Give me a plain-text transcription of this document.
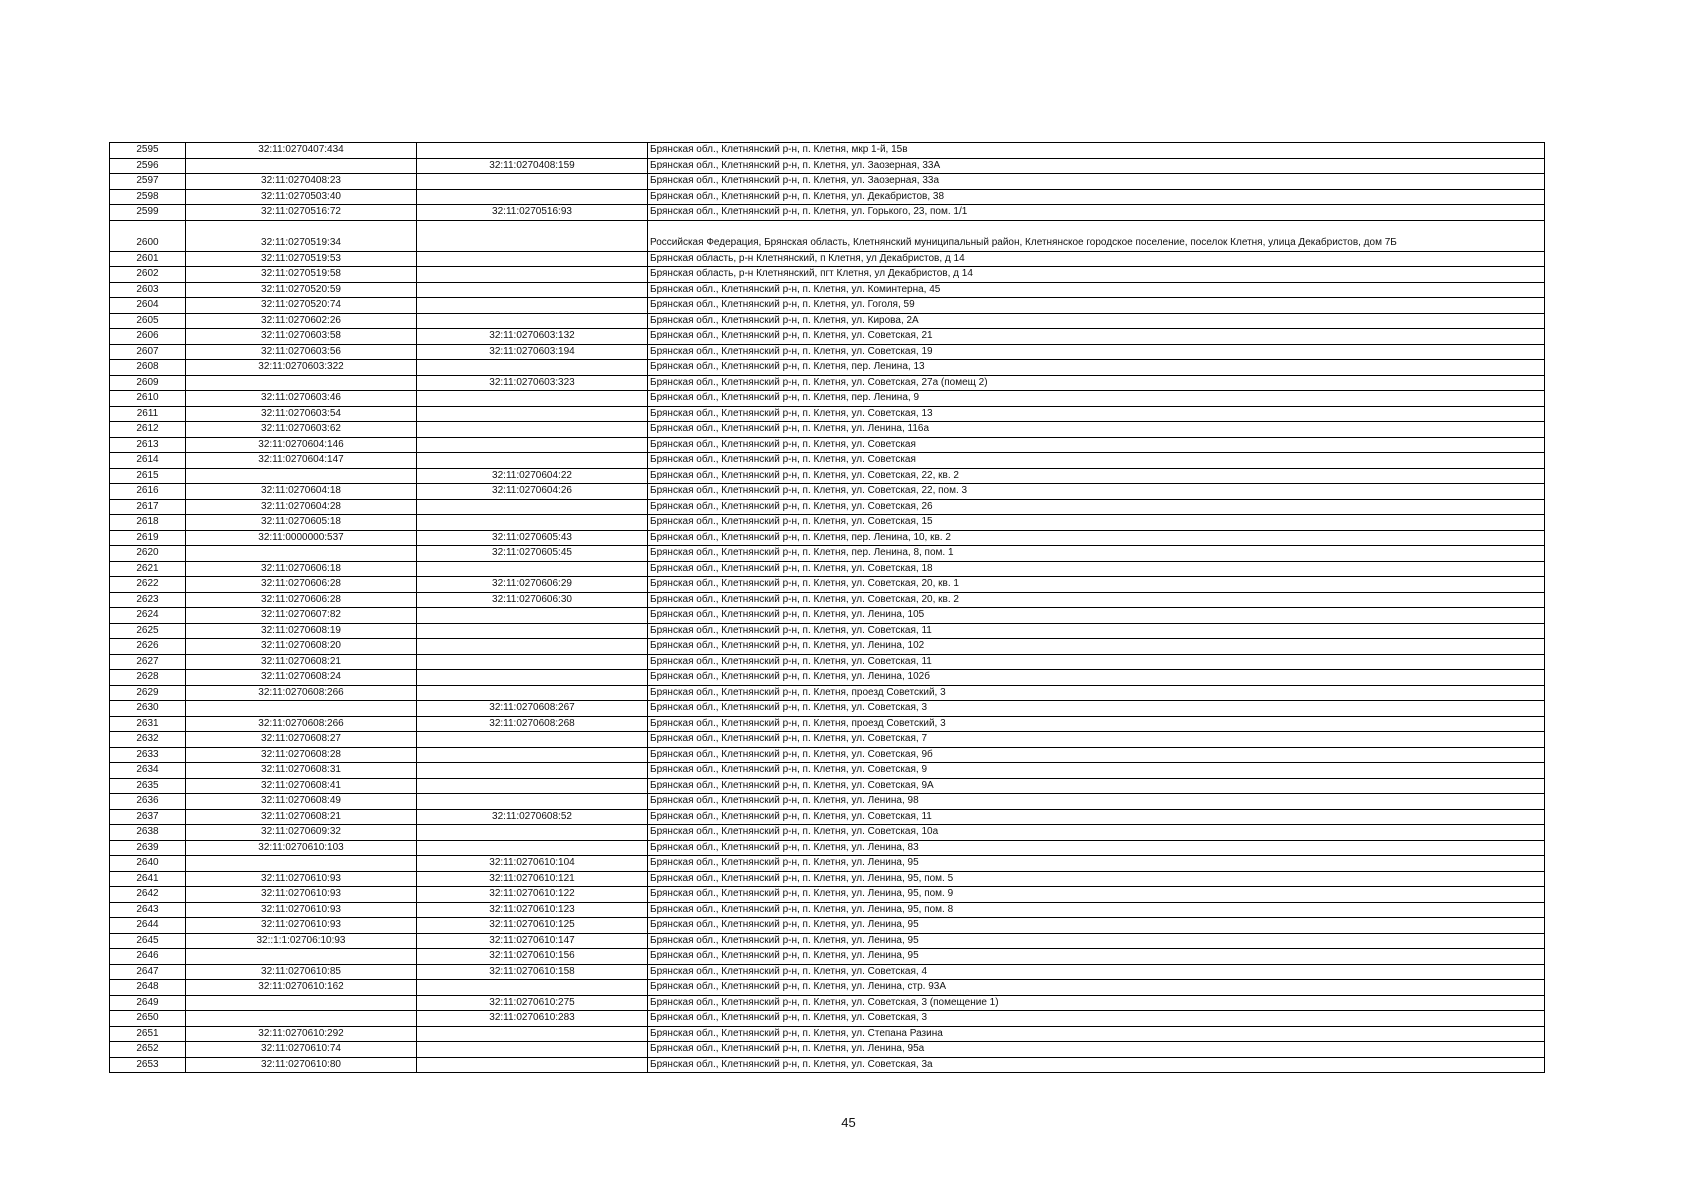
2595	32:11:0270407:434		Брянская обл., Клетнянский р-н, п. Клетня, мкр 1-й, 15в
2596		32:11:0270408:159	Брянская обл., Клетнянский р-н, п. Клетня, ул. Заозерная, 33А
2597	32:11:0270408:23		Брянская обл., Клетнянский р-н, п. Клетня, ул. Заозерная, 33а
2598	32:11:0270503:40		Брянская обл., Клетнянский р-н, п. Клетня, ул. Декабристов, 38
2599	32:11:0270516:72	32:11:0270516:93	Брянская обл., Клетнянский р-н, п. Клетня, ул. Горького, 23, пом. 1/1
2600	32:11:0270519:34		Российская Федерация, Брянская область, Клетнянский муниципальный район, Клетнянское городское поселение, поселок Клетня, улица Декабристов, дом 7Б
2601	32:11:0270519:53		Брянская область, р-н Клетнянский, п Клетня, ул Декабристов, д 14
2602	32:11:0270519:58		Брянская область, р-н Клетнянский, пгт Клетня, ул Декабристов, д 14
2603	32:11:0270520:59		Брянская обл., Клетнянский р-н, п. Клетня, ул. Коминтерна, 45
2604	32:11:0270520:74		Брянская обл., Клетнянский р-н, п. Клетня, ул. Гоголя, 59
2605	32:11:0270602:26		Брянская обл., Клетнянский р-н, п. Клетня, ул. Кирова, 2А
2606	32:11:0270603:58	32:11:0270603:132	Брянская обл., Клетнянский р-н, п. Клетня, ул. Советская, 21
2607	32:11:0270603:56	32:11:0270603:194	Брянская обл., Клетнянский р-н, п. Клетня, ул. Советская, 19
2608	32:11:0270603:322		Брянская обл., Клетнянский р-н, п. Клетня, пер. Ленина, 13
2609		32:11:0270603:323	Брянская обл., Клетнянский р-н, п. Клетня, ул. Советская, 27а (помещ 2)
2610	32:11:0270603:46		Брянская обл., Клетнянский р-н, п. Клетня, пер. Ленина, 9
2611	32:11:0270603:54		Брянская обл., Клетнянский р-н, п. Клетня, ул. Советская, 13
2612	32:11:0270603:62		Брянская обл., Клетнянский р-н, п. Клетня, ул. Ленина, 116а
2613	32:11:0270604:146		Брянская обл., Клетнянский р-н, п. Клетня, ул. Советская
2614	32:11:0270604:147		Брянская обл., Клетнянский р-н, п. Клетня, ул. Советская
2615		32:11:0270604:22	Брянская обл., Клетнянский р-н, п. Клетня, ул. Советская, 22, кв. 2
2616	32:11:0270604:18	32:11:0270604:26	Брянская обл., Клетнянский р-н, п. Клетня, ул. Советская, 22, пом. 3
2617	32:11:0270604:28		Брянская обл., Клетнянский р-н, п. Клетня, ул. Советская, 26
2618	32:11:0270605:18		Брянская обл., Клетнянский р-н, п. Клетня, ул. Советская, 15
2619	32:11:0000000:537	32:11:0270605:43	Брянская обл., Клетнянский р-н, п. Клетня, пер. Ленина, 10, кв. 2
2620		32:11:0270605:45	Брянская обл., Клетнянский р-н, п. Клетня, пер. Ленина, 8, пом. 1
2621	32:11:0270606:18		Брянская обл., Клетнянский р-н, п. Клетня, ул. Советская, 18
2622	32:11:0270606:28	32:11:0270606:29	Брянская обл., Клетнянский р-н, п. Клетня, ул. Советская, 20, кв. 1
2623	32:11:0270606:28	32:11:0270606:30	Брянская обл., Клетнянский р-н, п. Клетня, ул. Советская, 20, кв. 2
2624	32:11:0270607:82		Брянская обл., Клетнянский р-н, п. Клетня, ул. Ленина, 105
2625	32:11:0270608:19		Брянская обл., Клетнянский р-н, п. Клетня, ул. Советская, 11
2626	32:11:0270608:20		Брянская обл., Клетнянский р-н, п. Клетня, ул. Ленина, 102
2627	32:11:0270608:21		Брянская обл., Клетнянский р-н, п. Клетня, ул. Советская, 11
2628	32:11:0270608:24		Брянская обл., Клетнянский р-н, п. Клетня, ул. Ленина, 102б
2629	32:11:0270608:266		Брянская обл., Клетнянский р-н, п. Клетня, проезд Советский, 3
2630		32:11:0270608:267	Брянская обл., Клетнянский р-н, п. Клетня, ул. Советская, 3
2631	32:11:0270608:266	32:11:0270608:268	Брянская обл., Клетнянский р-н, п. Клетня, проезд Советский, 3
2632	32:11:0270608:27		Брянская обл., Клетнянский р-н, п. Клетня, ул. Советская, 7
2633	32:11:0270608:28		Брянская обл., Клетнянский р-н, п. Клетня, ул. Советская, 9б
2634	32:11:0270608:31		Брянская обл., Клетнянский р-н, п. Клетня, ул. Советская, 9
2635	32:11:0270608:41		Брянская обл., Клетнянский р-н, п. Клетня, ул. Советская, 9А
2636	32:11:0270608:49		Брянская обл., Клетнянский р-н, п. Клетня, ул. Ленина, 98
2637	32:11:0270608:21	32:11:0270608:52	Брянская обл., Клетнянский р-н, п. Клетня, ул. Советская, 11
2638	32:11:0270609:32		Брянская обл., Клетнянский р-н, п. Клетня, ул. Советская, 10а
2639	32:11:0270610:103		Брянская обл., Клетнянский р-н, п. Клетня, ул. Ленина, 83
2640		32:11:0270610:104	Брянская обл., Клетнянский р-н, п. Клетня, ул. Ленина, 95
2641	32:11:0270610:93	32:11:0270610:121	Брянская обл., Клетнянский р-н, п. Клетня, ул. Ленина, 95, пом. 5
2642	32:11:0270610:93	32:11:0270610:122	Брянская обл., Клетнянский р-н, п. Клетня, ул. Ленина, 95, пом. 9
2643	32:11:0270610:93	32:11:0270610:123	Брянская обл., Клетнянский р-н, п. Клетня, ул. Ленина, 95, пом. 8
2644	32:11:0270610:93	32:11:0270610:125	Брянская обл., Клетнянский р-н, п. Клетня, ул. Ленина, 95
2645	32::1:1:02706:10:93	32:11:0270610:147	Брянская обл., Клетнянский р-н, п. Клетня, ул. Ленина, 95
2646		32:11:0270610:156	Брянская обл., Клетнянский р-н, п. Клетня, ул. Ленина, 95
2647	32:11:0270610:85	32:11:0270610:158	Брянская обл., Клетнянский р-н, п. Клетня, ул. Советская, 4
2648	32:11:0270610:162		Брянская обл., Клетнянский р-н, п. Клетня, ул. Ленина, стр. 93А
2649		32:11:0270610:275	Брянская обл., Клетнянский р-н, п. Клетня, ул. Советская, 3 (помещение 1)
2650		32:11:0270610:283	Брянская обл., Клетнянский р-н, п. Клетня, ул. Советская, 3
2651	32:11:0270610:292		Брянская обл., Клетнянский р-н, п. Клетня, ул. Степана Разина
2652	32:11:0270610:74		Брянская обл., Клетнянский р-н, п. Клетня, ул. Ленина, 95а
2653	32:11:0270610:80		Брянская обл., Клетнянский р-н, п. Клетня, ул. Советская, 3а
45
